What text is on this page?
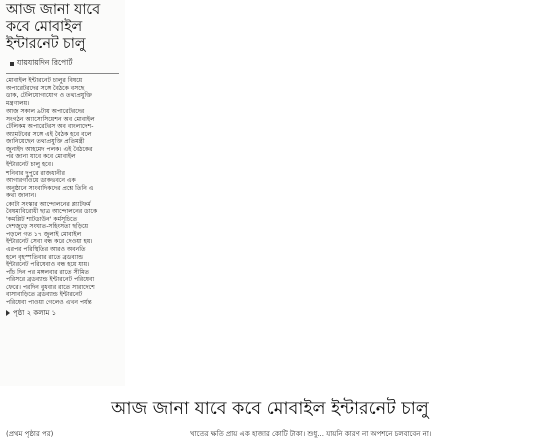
আজ জানা যাবে
কবে মোবাইল
ইন্টারনেট চালু
যায়যায়দিন রিপোর্ট
মোবাইল ইন্টারনেট চালুর বিষয়ে
অপারেটরদের সঙ্গে বৈঠকে বসছে
ডাক, টেলিযোগাযোগ ও তথ্যপ্রযুক্তি
মন্ত্রণালয়।
আজ সকাল ৯টায় অপারেটরদের
সংগঠন অ্যাসোসিয়েশন অব মোবাইল
টেলিকম অপারেটরস অব বাংলাদেশ-
অ্যামটবের সঙ্গে এই বৈঠক হবে বলে
জানিয়েছেন তথ্যপ্রযুক্তি প্রতিমন্ত্রী
জুনাইদ আহমেদ পলক। এই বৈঠকের
পর জানা যাবে কবে মোবাইল
ইন্টারনেট চালু হবে।
শনিবার দুপুরে রাজধানীর
আগারগাঁওয়ে ডাকভবনে এক
অনুষ্ঠানে সাংবাদিকদের প্রশ্নে তিনি এ
কথা জানান।
কোটা সংস্কার আন্দোলনের প্ল্যাটফর্ম
বৈষম্যবিরোধী ছাত্র আন্দোলনের ডাকে
'কমপ্লিট শাটডাউন' কর্মসূচিতে
দেশজুড়ে সংঘাত-সহিংসতা ছড়িয়ে
পড়লে গত ১৭ জুলাই মোবাইল
ইন্টারনেট সেবা বন্ধ করে দেওয়া হয়।
এরপর পরিস্থিতির আরও অবনতি
হলে বৃহস্পতিবার রাতে ব্রডব্যান্ড
ইন্টারনেট পরিষেবাও বন্ধ হয়ে যায়।
পাঁচ দিন পর মঙ্গলবার রাতে সীমিত
পরিসরে ব্রডব্যান্ড ইন্টারনেট পরিষেবা
ফেরে। পরদিন বুধবার রাতে সারাদেশে
বাসাবাড়িতে ব্রডব্যান্ড ইন্টারনেট
পরিষেবা পাওয়া গেলেও এখন পর্যন্ত
পৃষ্ঠা ২ কলাম ১
আজ জানা যাবে কবে মোবাইল ইন্টারনেট চালু
(প্রথম পৃষ্ঠার পর)	খাতের ক্ষতি প্রায় এক হাজার কোটি টাকা। শুধু... যায়নি কারণ না অপশনে চলবাবেন না।
